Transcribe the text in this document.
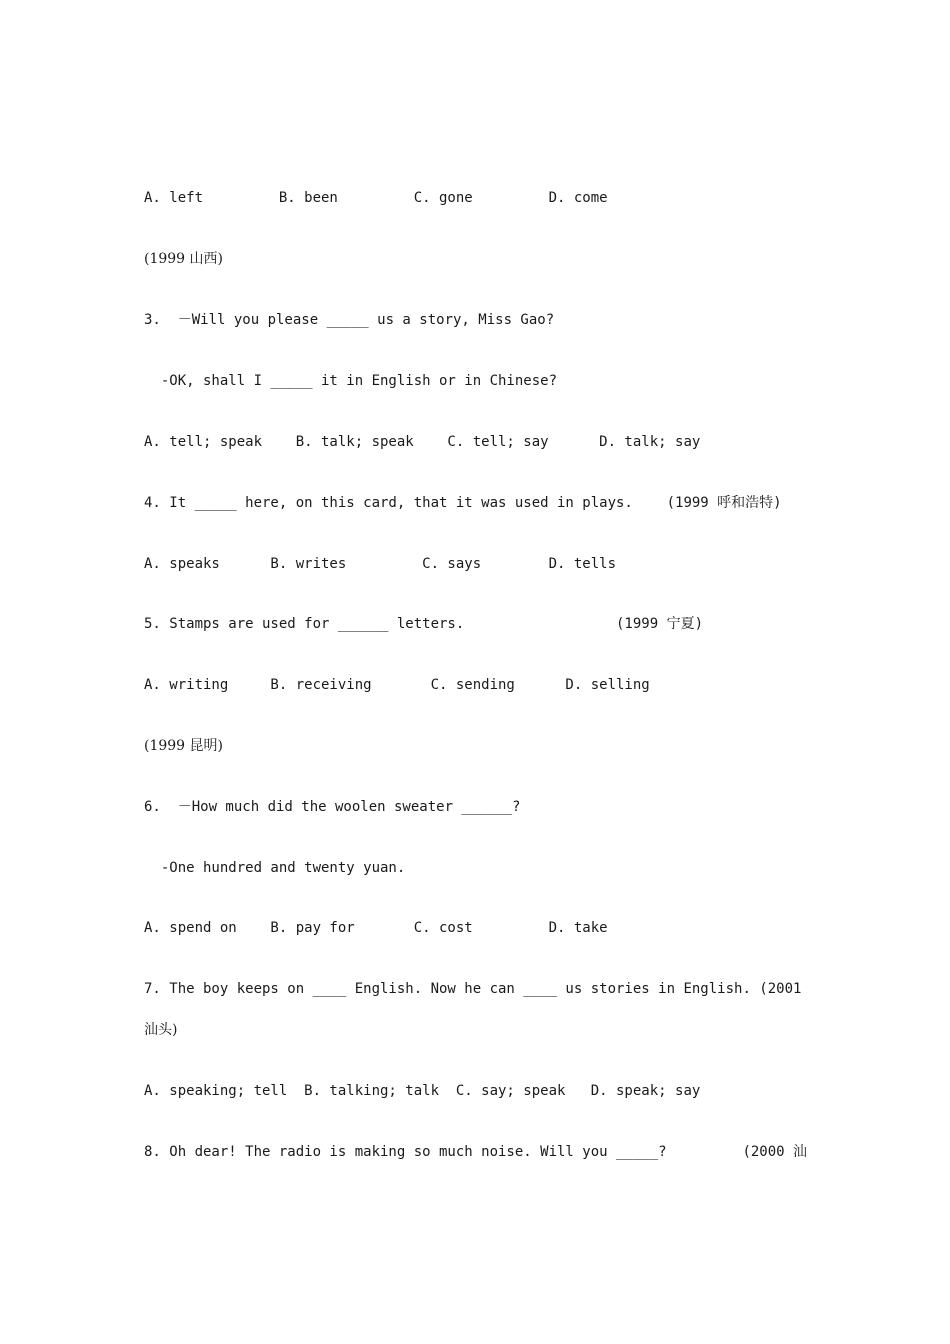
A. left         B. been         C. gone         D. come

(1999 山西)

3.  －Will you please _____ us a story, Miss Gao?

-OK, shall I _____ it in English or in Chinese?

A. tell; speak    B. talk; speak    C. tell; say      D. talk; say

4. It _____ here, on this card, that it was used in plays.    (1999 呼和浩特)

A. speaks      B. writes         C. says        D. tells

5. Stamps are used for ______ letters.                  (1999 宁夏)

A. writing     B. receiving       C. sending      D. selling

(1999 昆明)

6.  －How much did the woolen sweater ______?

-One hundred and twenty yuan.

A. spend on    B. pay for       C. cost         D. take

7. The boy keeps on ____ English. Now he can ____ us stories in English. (2001

汕头)

A. speaking; tell  B. talking; talk  C. say; speak   D. speak; say

8. Oh dear! The radio is making so much noise. Will you _____?         (2000 汕
